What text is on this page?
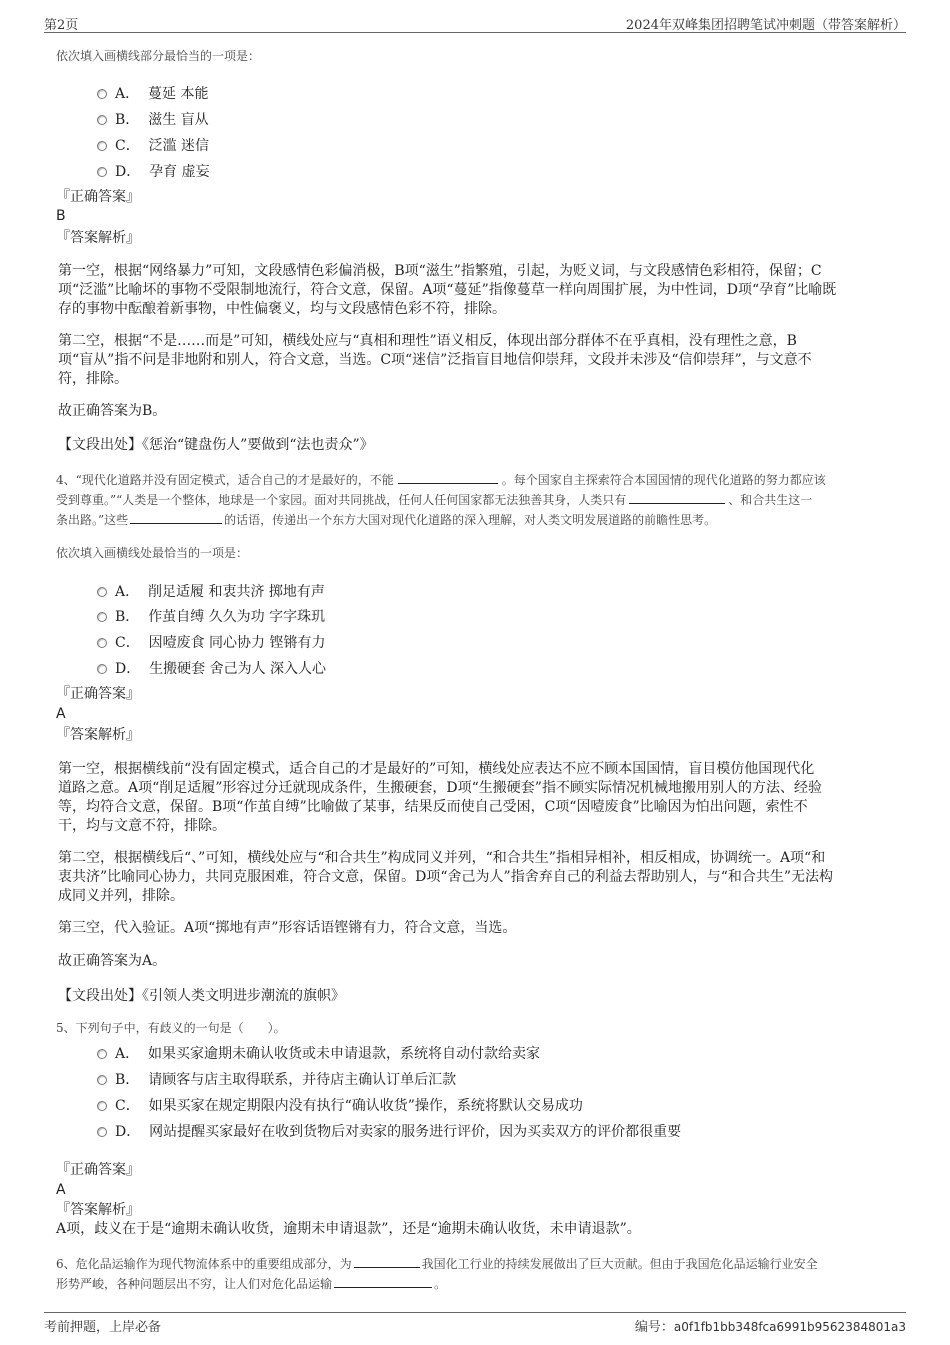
第2页	2024年双峰集团招聘笔试冲刺题（带答案解析）
依次填入画横线部分最恰当的一项是：
A．  蔓延 本能
B．  滋生 盲从
C．  泛滥 迷信
D．  孕育 虚妄
『正确答案』
B
『答案解析』
第一空，根据“网络暴力”可知，文段感情色彩偏消极，B项“滋生”指繁殖，引起，为贬义词，与文段感情色彩相符，保留；C
项“泛滥”比喻坏的事物不受限制地流行，符合文意，保留。A项“蔓延”指像蔓草一样向周围扩展，为中性词，D项“孕育”比喻既
存的事物中酝酿着新事物，中性偏褒义，均与文段感情色彩不符，排除。
第二空，根据“不是……而是”可知，横线处应与“真相和理性”语义相反，体现出部分群体不在乎真相，没有理性之意，B
项“盲从”指不问是非地附和别人，符合文意，当选。C项“迷信”泛指盲目地信仰崇拜，文段并未涉及“信仰崇拜”，与文意不
符，排除。
故正确答案为B。
【文段出处】《惩治“键盘伤人”要做到“法也责众”》
4、“现代化道路并没有固定模式，适合自己的才是最好的，不能	。每个国家自主探索符合本国国情的现代化道路的努力都应该
受到尊重。”“人类是一个整体，地球是一个家园。面对共同挑战，任何人任何国家都无法独善其身，人类只有	、和合共生这一
条出路。”这些	的话语，传递出一个东方大国对现代化道路的深入理解，对人类文明发展道路的前瞻性思考。
依次填入画横线处最恰当的一项是：
A．  削足适履 和衷共济 掷地有声
B．  作茧自缚 久久为功 字字珠玑
C．  因噎废食 同心协力 铿锵有力
D．  生搬硬套 舍己为人 深入人心
『正确答案』
A
『答案解析』
第一空，根据横线前“没有固定模式，适合自己的才是最好的”可知，横线处应表达不应不顾本国国情，盲目模仿他国现代化
道路之意。A项“削足适履”形容过分迁就现成条件，生搬硬套，D项“生搬硬套”指不顾实际情况机械地搬用别人的方法、经验
等，均符合文意，保留。B项“作茧自缚”比喻做了某事，结果反而使自己受困，C项“因噎废食”比喻因为怕出问题，索性不
干，均与文意不符，排除。
第二空，根据横线后“、”可知，横线处应与“和合共生”构成同义并列，“和合共生”指相异相补，相反相成，协调统一。A项“和
衷共济”比喻同心协力，共同克服困难，符合文意，保留。D项“舍己为人”指舍弃自己的利益去帮助别人，与“和合共生”无法构
成同义并列，排除。
第三空，代入验证。A项“掷地有声”形容话语铿锵有力，符合文意，当选。
故正确答案为A。
【文段出处】《引领人类文明进步潮流的旗帜》
5、下列句子中，有歧义的一句是（　　）。
A．  如果买家逾期未确认收货或未申请退款，系统将自动付款给卖家
B．  请顾客与店主取得联系，并待店主确认订单后汇款
C．  如果买家在规定期限内没有执行“确认收货”操作，系统将默认交易成功
D．  网站提醒买家最好在收到货物后对卖家的服务进行评价，因为买卖双方的评价都很重要
『正确答案』
A
『答案解析』
A项，歧义在于是“逾期未确认收货，逾期未申请退款”，还是“逾期未确认收货，未申请退款”。
6、危化品运输作为现代物流体系中的重要组成部分，为	我国化工行业的持续发展做出了巨大贡献。但由于我国危化品运输行业安全
形势严峻，各种问题层出不穷，让人们对危化品运输	。
考前押题，上岸必备	编号：a0f1fb1bb348fca6991b9562384801a3
